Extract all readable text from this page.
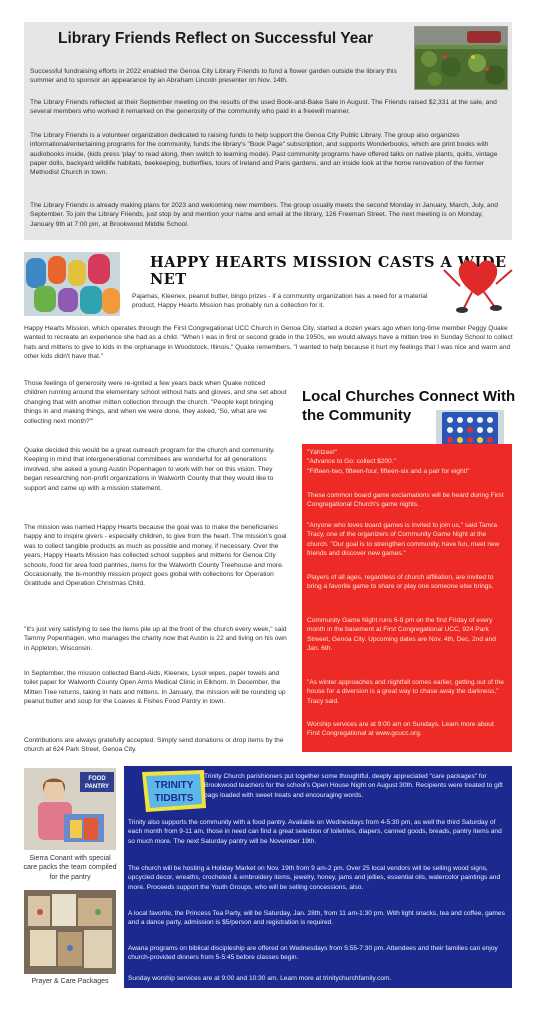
Library Friends Reflect on Successful Year

Successful fundraising efforts in 2022 enabled the Genoa City Library Friends to fund a flower garden outside the library this summer and to sponsor an appearance by an Abraham Lincoln presenter on Nov. 14th.

The Library Friends reflected at their September meeting on the results of the used Book-and-Bake Sale in August. The Friends raised $2,331 at the sale, and several members who worked it remarked on the generosity of the community who paid in a freewill manner.

The Library Friends is a volunteer organization dedicated to raising funds to help support the Genoa City Public Library. The group also organizes informational/entertaining programs for the community, funds the library's "Book Page" subscription, and supports Wonderbooks, which are print books with audiobooks inside, (kids press 'play' to read along, then switch to learning mode). Past community programs have offered talks on native plants, quilts, vintage paper dolls, backyard wildlife habitats, beekeeping, butterflies, tours of Ireland and Paris gardens, and an inside look at the home renovation of the former Methodist Church in town.

The Library Friends is already making plans for 2023 and welcoming new members. The group usually meets the second Monday in January, March, July, and September. To join the Library Friends, just stop by and mention your name and email at the library, 126 Freeman Street. The next meeting is on Monday, January 9th at 7:00 pm, at Brookwood Middle School.

HAPPY HEARTS MISSION CASTS A WIDE NET

Pajamas, Kleenex, peanut butter, bingo prizes - if a community organization has a need for a material product, Happy Hearts Mission has probably run a collection for it.

Happy Hearts Mission, which operates through the First Congregational UCC Church in Genoa City, started a dozen years ago when long-time member Peggy Quake wanted to recreate an experience she had as a child. "When I was in first or second grade in the 1950s, we would always have a mitten tree in Sunday School to collect hats and mittens to give to kids in the orphanage in Woodstock, Illinois," Quake remembers. "I wanted to help because it hurt my feelings that I was nice and warm and other kids didn't have that."

Those feelings of generosity were re-ignited a few years back when Quake noticed children running around the elementary school without hats and gloves, and she set about changing that with another mitten collection through the church. "People kept bringing things in and making things, and when we were done, they asked, 'So, what are we collecting next month?'"

Quake decided this would be a great outreach program for the church and community. Keeping in mind that intergenerational committees are wonderful for all generations involved, she asked a young Austin Popenhagen to work with her on this vision. They began researching non-profit organizations in Walworth County that they would like to support and came up with a mission statement.

The mission was named Happy Hearts because the goal was to make the beneficiaries happy and to inspire givers - especially children, to give from the heart. The mission's goal was to collect tangible products as much as possible and money, if necessary. Over the years, Happy Hearts Mission has collected school supplies and mittens for Genoa City schools, food for area food pantries, items for the Walworth County Treehouse and more. Occasionally, the bi-monthly mission project goes global with collections for Operation Gratitude and Operation Christmas Child.

"It's just very satisfying to see the items pile up at the front of the church every week," said Tammy Popenhagen, who manages the charity now that Austin is 22 and living on his own in Appleton, Wisconsin.

In September, the mission collected Band-Aids, Kleenex, Lysol wipes, paper towels and toilet paper for Walworth County Open Arms Medical Clinic in Elkhorn. In December, the Mitten Tree returns, taking in hats and mittens. In January, the mission will be rounding up peanut butter and soup for the Loaves & Fishes Food Pantry in town.

Contributions are always gratefully accepted. Simply send donations or drop items by the church at 624 Park Street, Genoa City.

Local Churches Connect With the Community

"Yahtzee!"
"Advance to Go: collect $200."
"Fifteen-two, fifteen-four, fifteen-six and a pair for eight!"

These common board game exclamations will be heard during First Congregational Church's game nights.

"Anyone who loves board games is invited to join us," said Tamra Tracy, one of the organizers of Community Game Night at the church. "Our goal is to strengthen community, have fun, meet new friends and discover new games."

Players of all ages, regardless of church affiliation, are invited to bring a favorite game to share or play one someone else brings.

Community Game Night runs 6-8 pm on the first Friday of every month in the basement at First Congregational UCC, 924 Park Streeet, Genoa City. Upcoming dates are Nov. 4th, Dec. 2nd and Jan. 6th.

"As winter approaches and nightfall comes earlier, getting out of the house for a diversion is a great way to chase away the darkness," Tracy said.

Worship services are at 9:00 am on Sundays. Learn more about First Congregational at www.gcucc.org.

FOOD
PANTRY

Sierra Conant with special care packs the team compiled for the pantry

Prayer & Care Packages

TRINITY
TIDBITS

Trinity Church parishioners put together some thoughtful, deeply appreciated "care packages" for Brookwood teachers for the school's Open House Night on August 30th. Recipients were treated to gift bags loaded with sweet treats and encouraging words.

Trinity also supports the community with a food pantry. Available on Wednesdays from 4-5:30 pm, as well the third Saturday of each month from 9-11 am, those in need can find a great selection of toiletries, diapers, canned goods, breads, pantry items and so much more. The next Saturday pantry will be November 19th.

The church will be hosting a Holiday Market on Nov. 19th from 9 am-2 pm. Over 25 local vendors will be selling wood signs, upcycled decor, wreaths, crocheted & embroidery items, jewelry, honey, jams and jellies, essential oils, watercolor paintings and more. Proceeds support the Youth Groups, who will be selling concessions, also.

A local favorite, the Princess Tea Party, will be Saturday, Jan. 28th, from 11 am-1:30 pm. With light snacks, tea and coffee, games and a dance party, admission is $5/person and registration is required.

Awana programs on biblical discipleship are offered on Wednesdays from 5:55-7:30 pm. Attendees and their families can enjoy church-provided dinners from 5-5:45 before classes begin.

Sunday worship services are at 9:00 and 10:30 am. Learn more at trinitychurchfamily.com.
